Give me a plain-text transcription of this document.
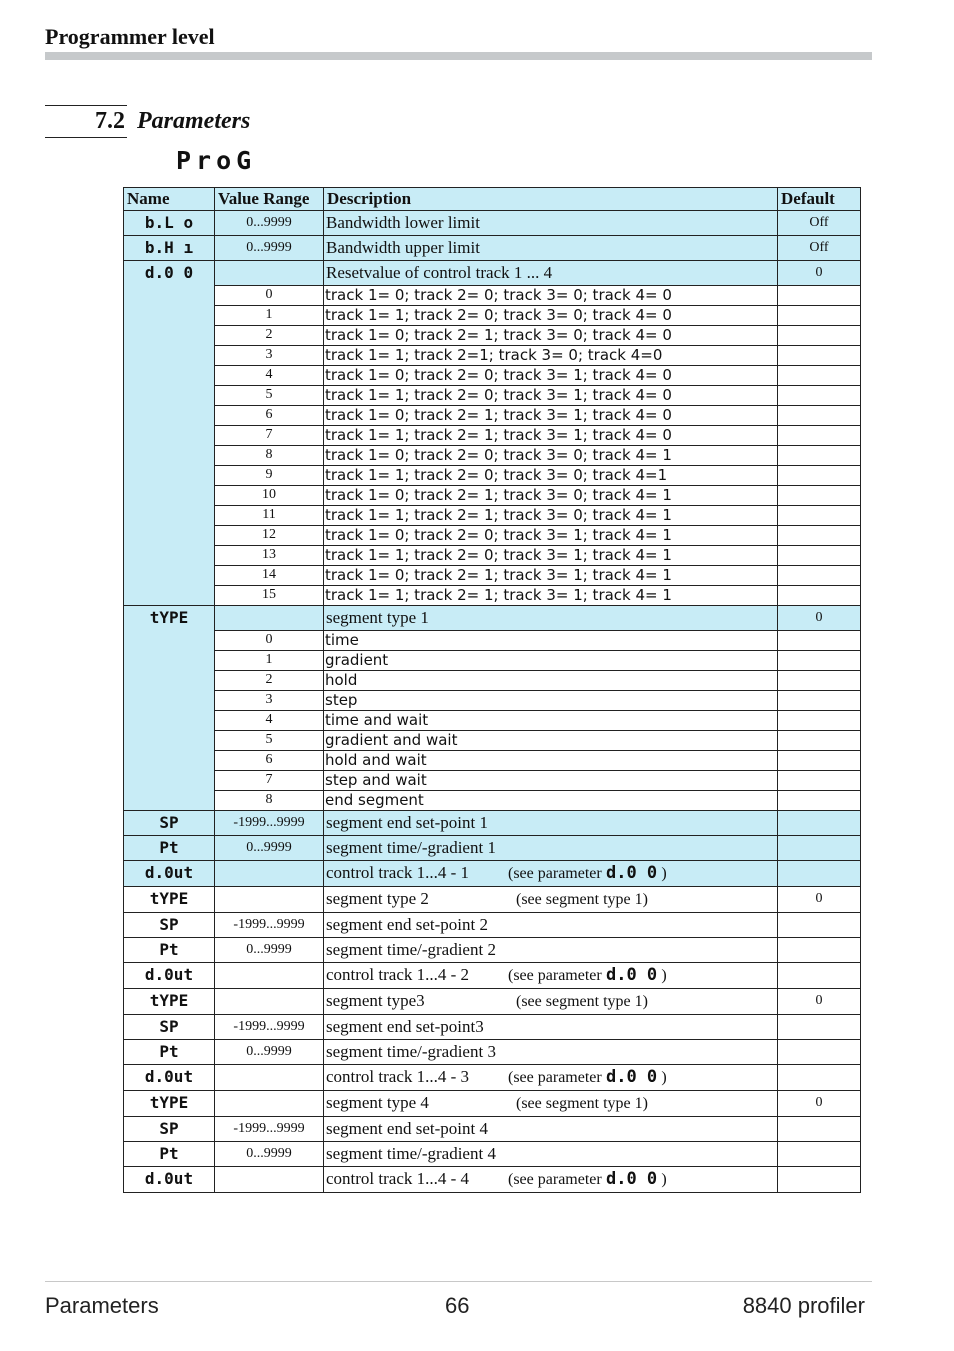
Programmer level
7.2 Parameters
ProG
Name	Value Range	Description	Default
b.L o	0...9999	Bandwidth lower limit	Off
b.H ı	0...9999	Bandwidth upper limit	Off
d.0 0		Resetvalue of control track 1 ... 4	0
	0	track 1= 0; track 2= 0; track 3= 0; track 4= 0	
	1	track 1= 1; track 2= 0; track 3= 0; track 4= 0	
	2	track 1= 0; track 2= 1; track 3= 0; track 4= 0	
	3	track 1= 1; track 2=1; track 3= 0; track 4=0	
	4	track 1= 0; track 2= 0; track 3= 1; track 4= 0	
	5	track 1= 1; track 2= 0; track 3= 1; track 4= 0	
	6	track 1= 0; track 2= 1; track 3= 1; track 4= 0	
	7	track 1= 1; track 2= 1; track 3= 1; track 4= 0	
	8	track 1= 0; track 2= 0; track 3= 0; track 4= 1	
	9	track 1= 1; track 2= 0; track 3= 0; track 4=1	
	10	track 1= 0; track 2= 1; track 3= 0; track 4= 1	
	11	track 1= 1; track 2= 1; track 3= 0; track 4= 1	
	12	track 1= 0; track 2= 0; track 3= 1; track 4= 1	
	13	track 1= 1; track 2= 0; track 3= 1; track 4= 1	
	14	track 1= 0; track 2= 1; track 3= 1; track 4= 1	
	15	track 1= 1; track 2= 1; track 3= 1; track 4= 1	
tYPE		segment type 1	0
	0	time	
	1	gradient	
	2	hold	
	3	step	
	4	time and wait	
	5	gradient and wait	
	6	hold and wait	
	7	step and wait	
	8	end segment	
SP	-1999...9999	segment end set-point 1	
Pt	0...9999	segment time/-gradient 1	
d.0ut		control track 1...4 - 1 (see parameter d.0 0 )	
tYPE		segment type 2 (see segment type 1)	0
SP	-1999...9999	segment end set-point 2	
Pt	0...9999	segment time/-gradient 2	
d.0ut		control track 1...4 - 2 (see parameter d.0 0 )	
tYPE		segment type3 (see segment type 1)	0
SP	-1999...9999	segment end set-point3	
Pt	0...9999	segment time/-gradient 3	
d.0ut		control track 1...4 - 3 (see parameter d.0 0 )	
tYPE		segment type 4 (see segment type 1)	0
SP	-1999...9999	segment end set-point 4	
Pt	0...9999	segment time/-gradient 4	
d.0ut		control track 1...4 - 4 (see parameter d.0 0 )	
Parameters	66	8840 profiler
